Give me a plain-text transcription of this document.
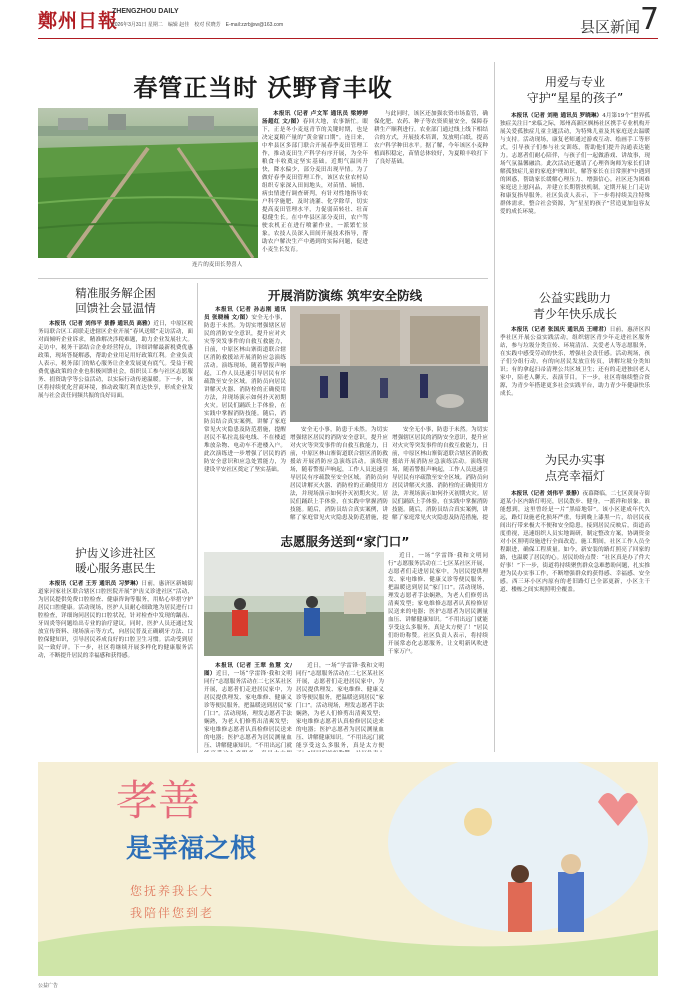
鄭州日報
ZHENGZHOU DAILY
2026年3月31日 星期二　编辑 赵佳　校对 侯晓芳　E-mail:zzrbjjxw@163.com	县区新闻 7
春管正当时 沃野育丰收
连片的麦田长势喜人
本报讯（记者 卢文军 通讯员 梁婷婷 汤超红 文/图）春回大地，农事渐忙。眼下，正是冬小麦返青节的关键时期，也是决定夏粮产量的“黄金窗口期”。连日来，中牟县区多部门联合开展春季麦田管理工作，推动麦田生产科学有序开展，为全年粮食丰收奠定坚实基础。近期气温回升快，降水偏少，部分麦田出现旱情。为了做好春季麦田管理工作，该区农业农村局组织专家深入田间地头，对苗情、墒情、病虫情进行调查研判，有针对性地指导农户科学施肥、及时浇灌、化学除草，切实提高麦田管理水平，力促弱苗转壮、壮苗稳健生长。在中牟县区部分麦田，农户驾驶农机正在进行喷灌作业，一派繁忙景象。农技人员深入田间开展技术指导，帮助农户解决生产中遇到的实际问题，促进小麦生长发育。
与此同时，该区还加强农资市场监管，确保化肥、农药、种子等农资质量安全，保障春耕生产顺利进行。农业部门通过线上线下相结合的方式，开展技术培训，发放明白纸，提高农户科学种田水平。据了解，今年该区小麦种植面积稳定，苗情总体较好，为夏粮丰收打下了良好基础。
用爱与专业
守护“星星的孩子”
本报讯（记者 刘艳 通讯员 罗晓琳）4月第19个“世界孤独症关注日”来临之际，郑州高新区枫杨社区携手专业机构开展关爱孤独症儿童主题活动，为特殊儿童及其家庭送去温暖与支持。活动现场，康复老师通过游戏互动、绘画手工等形式，引导孩子们参与社交训练，帮助他们提升沟通表达能力。志愿者们耐心陪伴，与孩子们一起做游戏、讲故事，现场气氛温馨融洽。此次活动还邀请了心理咨询师为家长们讲解孤独症儿童的家庭护理知识，解答家长在日常照护中遇到的困惑，帮助家长缓解心理压力、增强信心。社区还为困难家庭送上慰问品，并建立长期帮扶机制，定期开展上门走访和康复指导服务。社区负责人表示，下一步将持续关注特殊群体需求，整合社会资源，为“星星的孩子”营造更加包容友爱的成长环境。
公益实践助力
青少年快乐成长
本报讯（记者 张国庆 通讯员 王晴君）日前，惠济区四季社区开展公益实践活动，组织辖区青少年走进社区服务站，参与垃圾分类宣传、环境清洁、关爱老人等志愿服务，在实践中感受劳动的快乐，增强社会责任感。活动现场，孩子们分组行动，有的向居民发放宣传页，讲解垃圾分类知识；有的拿起扫帚清理公共区域卫生；还有的走进独居老人家中，陪老人聊天、表演节目。下一步，社区将继续整合资源，为青少年搭建更多社会实践平台，助力青少年健康快乐成长。
为民办实事
点亮幸福灯
本报讯（记者 刘伟平 景静）夜幕降临，二七区黄岗寺街道某小区内路灯明亮，居民散步、健身，一派祥和景象。谁能想到，这里曾经是一片“黑暗地带”。该小区建成年代久远，路灯设施老化损坏严重，每到晚上漆黑一片，给居民夜间出行带来极大不便和安全隐患。接到居民反映后，街道高度重视，迅速组织人员实地调研，制定整改方案，协调资金对小区照明设施进行全面改造。施工期间，社区工作人员全程跟进，确保工程质量。如今，新安装的路灯照亮了回家的路，也温暖了居民的心。居民纷纷点赞：“社区真是办了件大好事！”下一步，街道将持续聚焦群众急难愁盼问题，扎实推进为民办实事工作，不断增强群众的获得感、幸福感、安全感。西三环小区内原有的老旧路灯已全部更新，小区主干道、楼栋之间实现照明全覆盖。
精准服务解企困
回馈社会显温情
本报讯（记者 刘伟平 景静 通讯员 高雅）近日，中原区税务局联合区工商联走进辖区企业开展“春风送暖”走访活动，面对面倾听企业诉求，精准解决涉税难题，助力企业发展壮大。走访中，税务干部结合企业经营特点，详细讲解最新税费优惠政策，现场答疑解惑，帮助企业用足用好政策红利。企业负责人表示，税务部门的贴心服务让企业发展更有底气。受益于税费优惠政策的企业也积极回馈社会，组织员工参与社区志愿服务、捐资助学等公益活动，以实际行动传递温暖。下一步，该区将持续优化营商环境，推动政策红利直达快享，形成企业发展与社会责任同频共振的良好局面。
护齿义诊进社区
暖心服务惠民生
本报讯（记者 王芳 通讯员 习梦琳）日前，惠济区新城街道家河家社区联合辖区口腔医院开展“护齿义诊进社区”活动，为居民提供免费口腔检查、健康咨询等服务，用贴心举措守护居民口腔健康。活动现场，医护人员耐心细致地为居民进行口腔检查，详细询问居民的口腔状况，针对检查中发现的龋齿、牙周炎等问题给出专业的治疗建议。同时，医护人员还通过发放宣传资料、现场演示等方式，向居民普及正确刷牙方法、口腔保健知识，引导居民养成良好的口腔卫生习惯。活动受到居民一致好评。下一步，社区将继续开展多样化的健康服务活动，不断提升居民的幸福感和获得感。
开展消防演练 筑牢安全防线
本报讯（记者 孙志刚 通讯员 张晓楠 文/图）安全无小事，防患于未然。为切实增强辖区居民的消防安全意识，提升应对火灾等突发事件的自救互救能力，日前，中原区林山寨街道联合辖区消防救援站开展消防应急演练活动。演练现场，随着警报声响起，工作人员迅速引导居民有序疏散至安全区域。消防员向居民讲解灭火器、消防栓的正确使用方法，并现场演示如何扑灭初期火灾。居民们踊跃上手体验，在实践中掌握消防技能。随后，消防员结合真实案例，讲解了家庭常见火灾隐患及防范措施，提醒居民不私拉乱接电线、不在楼道堆放杂物、电动车不进楼入户。此次演练进一步增强了居民的消防安全意识和应急处置能力，为建设平安社区奠定了坚实基础。
安全无小事，防患于未然。为切实增强辖区居民的消防安全意识，提升应对火灾等突发事件的自救互救能力，日前，中原区林山寨街道联合辖区消防救援站开展消防应急演练活动。演练现场，随着警报声响起，工作人员迅速引导居民有序疏散至安全区域。消防员向居民讲解灭火器、消防栓的正确使用方法，并现场演示如何扑灭初期火灾。居民们踊跃上手体验，在实践中掌握消防技能。随后，消防员结合真实案例，讲解了家庭常见火灾隐患及防范措施，提
安全无小事，防患于未然。为切实增强辖区居民的消防安全意识，提升应对火灾等突发事件的自救互救能力，日前，中原区林山寨街道联合辖区消防救援站开展消防应急演练活动。演练现场，随着警报声响起，工作人员迅速引导居民有序疏散至安全区域。消防员向居民讲解灭火器、消防栓的正确使用方法，并现场演示如何扑灭初期火灾。居民们踊跃上手体验，在实践中掌握消防技能。随后，消防员结合真实案例，讲解了家庭常见火灾隐患及防范措施，提
志愿服务送到“家门口”
近日，一场“学雷锋·我和文明同行”志愿服务活动在二七区某社区开展，志愿者们走进居民家中，为居民提供理发、家电维修、健康义诊等便民服务，把温暖送到居民“家门口”。活动现场，理发志愿者手法娴熟，为老人们修剪出清爽发型；家电维修志愿者认真检修居民送来的电器；医护志愿者为居民测量血压、讲解健康知识。“不用出远门就能享受这么多服务，真是太方便了！”居民们纷纷称赞。社区负责人表示，将持续开展常态化志愿服务，让文明新风吹进千家万户。
本报讯（记者 王翠 鱼慧 文/图）近日，一场“学雷锋·我和文明同行”志愿服务活动在二七区某社区开展，志愿者们走进居民家中，为居民提供理发、家电维修、健康义诊等便民服务，把温暖送到居民“家门口”。活动现场，理发志愿者手法娴熟，为老人们修剪出清爽发型；家电维修志愿者认真检修居民送来的电器；医护志愿者为居民测量血压、讲解健康知识。“不用出远门就
近日，一场“学雷锋·我和文明同行”志愿服务活动在二七区某社区开展，志愿者们走进居民家中，为居民提供理发、家电维修、健康义诊等便民服务，把温暖送到居民“家门口”。活动现场，理发志愿者手法娴熟，为老人们修剪出清爽发型；家电维修志愿者认真检修居民送来的电器；医护志愿者为居民测量血压、讲解健康知识。“不用出远门就能享受这么多服务，真是太方便
孝善
是幸福之根
您抚养我长大
我陪伴您到老
公益广告
